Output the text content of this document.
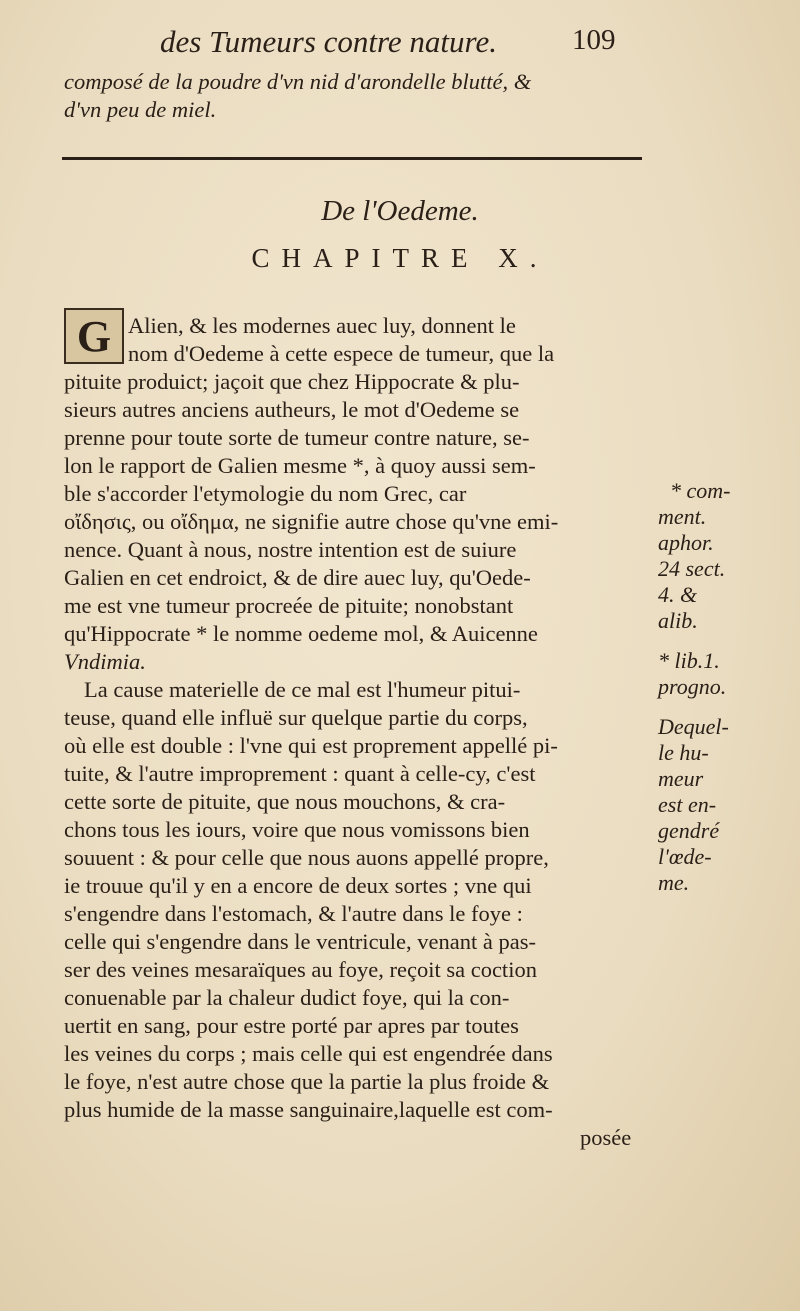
des Tumeurs contre nature.	109
composé de la poudre d'vn nid d'arondelle blutté, &
d'vn peu de miel.
De l'Oedeme.
CHAPITRE X.
G Alien, & les modernes auec luy, donnent le
nom d'Oedeme à cette espece de tumeur, que la
pituite produict; jaçoit que chez Hippocrate & plu-
sieurs autres anciens autheurs, le mot d'Oedeme se
prenne pour toute sorte de tumeur contre nature, se-
lon le rapport de Galien mesme *, à quoy aussi sem-
ble s'accorder l'etymologie du nom Grec, car
οἴδησις, ou οἴδημα, ne signifie autre chose qu'vne emi-
nence. Quant à nous, nostre intention est de suiure
Galien en cet endroict, & de dire auec luy, qu'Oede-
me est vne tumeur procreée de pituite; nonobstant
qu'Hippocrate * le nomme oedeme mol, & Auicenne
Vndimia.
La cause materielle de ce mal est l'humeur pitui-
teuse, quand elle influë sur quelque partie du corps,
où elle est double : l'vne qui est proprement appellé pi-
tuite, & l'autre improprement : quant à celle-cy, c'est
cette sorte de pituite, que nous mouchons, & cra-
chons tous les iours, voire que nous vomissons bien
souuent : & pour celle que nous auons appellé propre,
ie trouue qu'il y en a encore de deux sortes ; vne qui
s'engendre dans l'estomach, & l'autre dans le foye :
celle qui s'engendre dans le ventricule, venant à pas-
ser des veines mesaraïques au foye, reçoit sa coction
conuenable par la chaleur dudict foye, qui la con-
uertit en sang, pour estre porté par apres par toutes
les veines du corps ; mais celle qui est engendrée dans
le foye, n'est autre chose que la partie la plus froide &
plus humide de la masse sanguinaire,laquelle est com-
posée
* com-
ment.
aphor.
24 sect.
4. &
alib.
* lib.1.
progno.
Dequel-
le hu-
meur
est en-
gendré
l'œde-
me.
